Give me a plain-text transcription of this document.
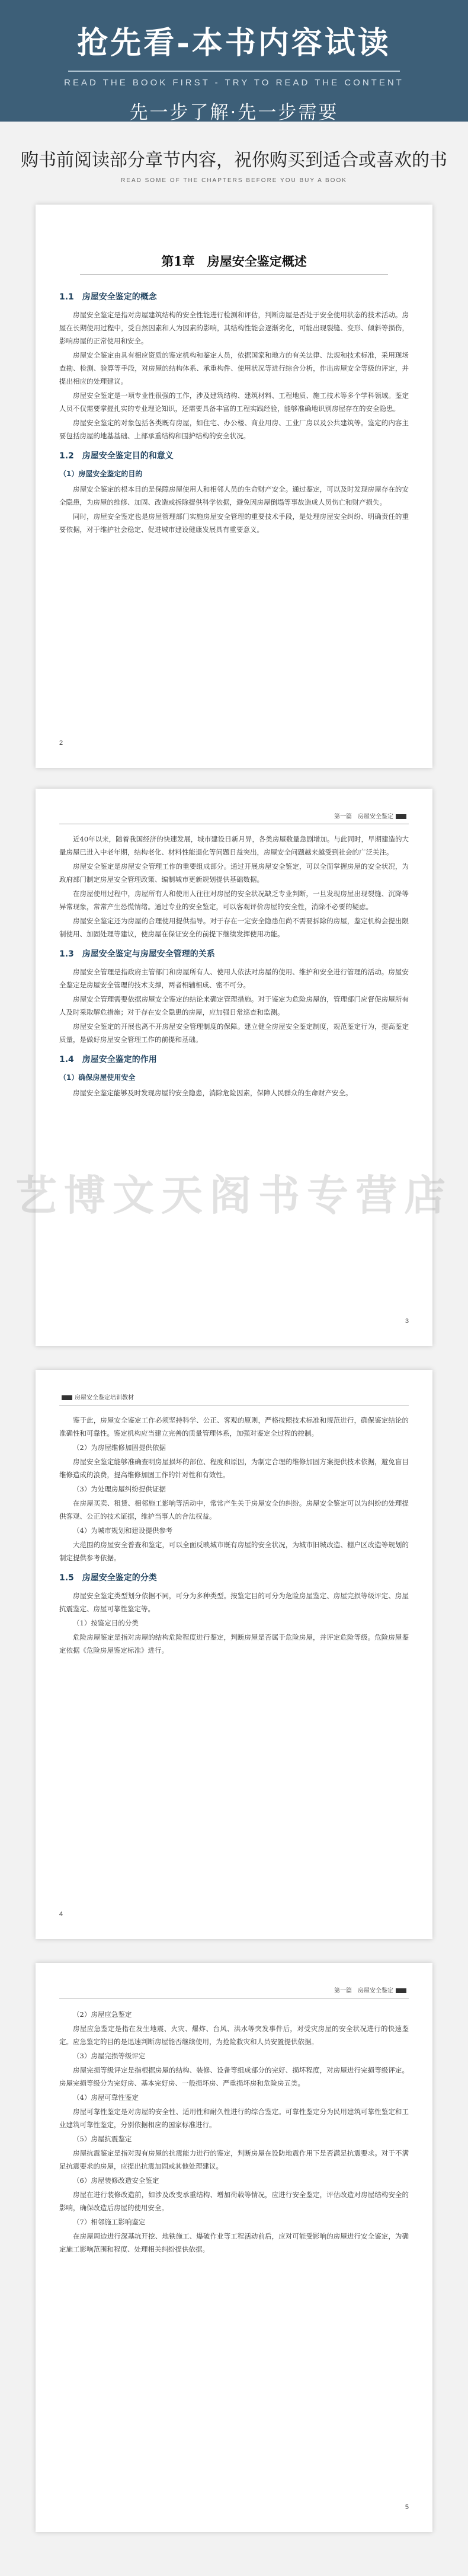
抢先看-本书内容试读
READ THE BOOK FIRST - TRY TO READ THE CONTENT
先一步了解·先一步需要
购书前阅读部分章节内容，祝你购买到适合或喜欢的书
READ SOME OF THE CHAPTERS BEFORE YOU BUY A BOOK
第1章　房屋安全鉴定概述
1.1　房屋安全鉴定的概念
房屋安全鉴定是指对房屋建筑结构的安全性能进行检测和评估，判断房屋是否处于安全使用状态的技术活动。房屋在长期使用过程中，受自然因素和人为因素的影响，其结构性能会逐渐劣化，可能出现裂缝、变形、倾斜等损伤，影响房屋的正常使用和安全。
房屋安全鉴定由具有相应资质的鉴定机构和鉴定人员，依据国家和地方的有关法律、法规和技术标准，采用现场查勘、检测、验算等手段，对房屋的结构体系、承重构件、使用状况等进行综合分析，作出房屋安全等级的评定，并提出相应的处理建议。
房屋安全鉴定是一项专业性很强的工作，涉及建筑结构、建筑材料、工程地质、施工技术等多个学科领域。鉴定人员不仅需要掌握扎实的专业理论知识，还需要具备丰富的工程实践经验，能够准确地识别房屋存在的安全隐患。
房屋安全鉴定的对象包括各类既有房屋，如住宅、办公楼、商业用房、工业厂房以及公共建筑等。鉴定的内容主要包括房屋的地基基础、上部承重结构和围护结构的安全状况。
1.2　房屋安全鉴定目的和意义
（1）房屋安全鉴定的目的
房屋安全鉴定的根本目的是保障房屋使用人和相邻人员的生命财产安全。通过鉴定，可以及时发现房屋存在的安全隐患，为房屋的维修、加固、改造或拆除提供科学依据，避免因房屋倒塌等事故造成人员伤亡和财产损失。
同时，房屋安全鉴定也是房屋管理部门实施房屋安全管理的重要技术手段，是处理房屋安全纠纷、明确责任的重要依据，对于维护社会稳定、促进城市建设健康发展具有重要意义。
2
第一篇　房屋安全鉴定
近40年以来，随着我国经济的快速发展，城市建设日新月异，各类房屋数量急剧增加。与此同时，早期建造的大量房屋已进入中老年期，结构老化、材料性能退化等问题日益突出，房屋安全问题越来越受到社会的广泛关注。
房屋安全鉴定是房屋安全管理工作的重要组成部分。通过开展房屋安全鉴定，可以全面掌握房屋的安全状况，为政府部门制定房屋安全管理政策、编制城市更新规划提供基础数据。
在房屋使用过程中，房屋所有人和使用人往往对房屋的安全状况缺乏专业判断，一旦发现房屋出现裂缝、沉降等异常现象，常常产生恐慌情绪。通过专业的安全鉴定，可以客观评价房屋的安全性，消除不必要的疑虑。
房屋安全鉴定还为房屋的合理使用提供指导。对于存在一定安全隐患但尚不需要拆除的房屋，鉴定机构会提出限制使用、加固处理等建议，使房屋在保证安全的前提下继续发挥使用功能。
1.3　房屋安全鉴定与房屋安全管理的关系
房屋安全管理是指政府主管部门和房屋所有人、使用人依法对房屋的使用、维护和安全进行管理的活动。房屋安全鉴定是房屋安全管理的技术支撑，两者相辅相成、密不可分。
房屋安全管理需要依据房屋安全鉴定的结论来确定管理措施。对于鉴定为危险房屋的，管理部门应督促房屋所有人及时采取解危措施；对于存在安全隐患的房屋，应加强日常巡查和监测。
房屋安全鉴定的开展也离不开房屋安全管理制度的保障。建立健全房屋安全鉴定制度，规范鉴定行为，提高鉴定质量，是做好房屋安全管理工作的前提和基础。
1.4　房屋安全鉴定的作用
（1）确保房屋使用安全
房屋安全鉴定能够及时发现房屋的安全隐患，消除危险因素，保障人民群众的生命财产安全。
3
房屋安全鉴定培训教材
鉴于此，房屋安全鉴定工作必须坚持科学、公正、客观的原则，严格按照技术标准和规范进行，确保鉴定结论的准确性和可靠性。鉴定机构应当建立完善的质量管理体系，加强对鉴定全过程的控制。
（2）为房屋维修加固提供依据
房屋安全鉴定能够准确查明房屋损坏的部位、程度和原因，为制定合理的维修加固方案提供技术依据，避免盲目维修造成的浪费，提高维修加固工作的针对性和有效性。
（3）为处理房屋纠纷提供证据
在房屋买卖、租赁、相邻施工影响等活动中，常常产生关于房屋安全的纠纷。房屋安全鉴定可以为纠纷的处理提供客观、公正的技术证据，维护当事人的合法权益。
（4）为城市规划和建设提供参考
大范围的房屋安全普查和鉴定，可以全面反映城市既有房屋的安全状况，为城市旧城改造、棚户区改造等规划的制定提供参考依据。
1.5　房屋安全鉴定的分类
房屋安全鉴定类型划分依据不同，可分为多种类型。按鉴定目的可分为危险房屋鉴定、房屋完损等级评定、房屋抗震鉴定、房屋可靠性鉴定等。
（1）按鉴定目的分类
危险房屋鉴定是指对房屋的结构危险程度进行鉴定，判断房屋是否属于危险房屋，并评定危险等级。危险房屋鉴定依据《危险房屋鉴定标准》进行。
4
第一篇　房屋安全鉴定
（2）房屋应急鉴定
房屋应急鉴定是指在发生地震、火灾、爆炸、台风、洪水等突发事件后，对受灾房屋的安全状况进行的快速鉴定。应急鉴定的目的是迅速判断房屋能否继续使用，为抢险救灾和人员安置提供依据。
（3）房屋完损等级评定
房屋完损等级评定是指根据房屋的结构、装修、设备等组成部分的完好、损坏程度，对房屋进行完损等级评定。房屋完损等级分为完好房、基本完好房、一般损坏房、严重损坏房和危险房五类。
（4）房屋可靠性鉴定
房屋可靠性鉴定是对房屋的安全性、适用性和耐久性进行的综合鉴定。可靠性鉴定分为民用建筑可靠性鉴定和工业建筑可靠性鉴定，分别依据相应的国家标准进行。
（5）房屋抗震鉴定
房屋抗震鉴定是指对现有房屋的抗震能力进行的鉴定，判断房屋在设防地震作用下是否满足抗震要求。对于不满足抗震要求的房屋，应提出抗震加固或其他处理建议。
（6）房屋装修改造安全鉴定
房屋在进行装修改造前，如涉及改变承重结构、增加荷载等情况，应进行安全鉴定，评估改造对房屋结构安全的影响，确保改造后房屋的使用安全。
（7）相邻施工影响鉴定
在房屋周边进行深基坑开挖、地铁施工、爆破作业等工程活动前后，应对可能受影响的房屋进行安全鉴定，为确定施工影响范围和程度、处理相关纠纷提供依据。
5
艺博文天阁书专营店
